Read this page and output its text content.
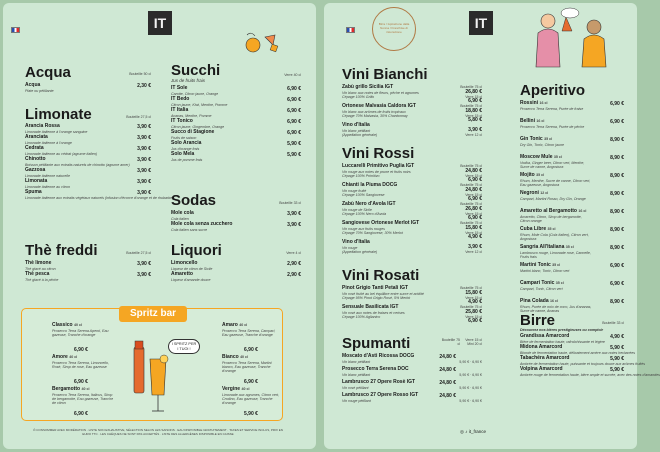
IT
Acqua	Bouteille 50 cl
Acqua
Plate ou pétillante
2,30 €
Limonate	Bouteille 27,5 cl
Arancia Rossa
Limonade italienne à l'orange sanguine
3,90 €
Aranciata
Limonade italienne à l'orange
3,90 €
Cedrata
Limonade italienne au cédrat (agrume italien)
3,90 €
Chinotto
Boisson pétillante aux extraits naturels de chinotto (agrume amer)
3,90 €
Gazzosa
Limonade italienne naturelle
3,90 €
Limonata
Limonade italienne au citron
3,90 €
Spuma
Limonade italienne aux extraits végétaux naturels (infusion d'écorce d'orange et de rhubarbe)
3,90 €
Thè freddi	Bouteille 27,5 cl
Thè limone
Thé glacé au citron
3,90 €
Thè pesca
Thé glacé à la pêche
3,90 €
Succhi	Verre 40 cl
Jus de fruits frais
IT Sole
Carotte, Citron jaune, Orange
6,90 €
IT Bedo
Citron jaune, Kiwi, Menthe, Pomme
6,90 €
IT Italia
Ananas, Menthe, Pomme
6,90 €
IT Tonico
Citron jaune, Gingembre, Orange
6,90 €
Succo di Stagione
Fruits de saison
6,90 €
Solo Arancia
Jus d'orange frais
5,90 €
Solo Mela
Jus de pomme frais
5,90 €
Sodas	Bouteille 33 cl
Mole cola
Cola italien
3,90 €
Mole cola senza zucchero
Cola italien sans sucre
3,90 €
Liquori	Verre 4 cl
Limoncello
Liqueur de citron de Sicile
2,90 €
Amaretto
Liqueur d'amande douce
2,90 €
Classico 40 cl
Prosecco Terra Serena Aperol, Eau gazeuse, Tranche d'orange
6,90 €
Amore 40 cl
Prosecco Terra Serena, Limoncello, Rosé, Sirop de rose, Eau gazeuse
6,90 €
Bergamotto 40 cl
Prosecco Terra Serena, Italicus, Sirop de bergamotte, Eau gazeuse, Tranche de citron
6,90 €
Amaro 40 cl
Prosecco Terra Serena, Campari, Eau gazeuse, Tranche d'orange
6,90 €
Bianco 40 cl
Prosecco Terra Serena, Martini bianco, Eau gazeuse, Tranche d'orange
6,90 €
Vergine 40 cl
Limonade aux agrumes, Citron vert, Crodino, Eau gazeuse, Tranche d'orange
5,90 €
I SPRITZ PER I TUOI !
Spritz bar
Ô CONSOMMER AVEC MODÉRATION · LISTE NON EXHAUSTIVE, SÉLECTION SELON LES SAISONS · EAU DISPONIBLE GRATUITEMENT · TAXES ET SERVICE INCLUS, PRIX EN EURO TTC · LES CHÈQUES NE SONT PAS ACCEPTÉS · LISTE DES ALLERGÈNES DISPONIBLE EN CAISSE
Birra / Ispirazione dalla Nonna / Franchise di ristorazione
IT
Vini Bianchi
Zabù grillo Sicilia IGT
Vin blanc aux notes de fleurs, pêche et agrumes
Cépage 100% Grillo
Bouteille 75 cl
26,80 €
Verre 15 cl
6,90 €
Ortonese Malvasia Caldora IGT
Vin blanc aux arômes de fruits tropicaux
Cépage 70% Malvasia, 30% Chardonnay
Bouteille 75 cl
18,80 €
Verre 15 cl
5,80 €
Vino d'Italia
Vin blanc pétillant
(Appellation générale)
3,90 €
Verre 12 cl
Vini Rossi
Luccarelli Primitivo Puglia IGT
Vin rouge aux notes de prune et fruits noirs
Cépage 100% Primitivo
Bouteille 75 cl
24,80 €
Verre 15 cl
6,90 €
Chianti la Piuma DOCG
Vin rouge fruité
Cépage 100% Sangiovese
Bouteille 75 cl
24,80 €
Verre 15 cl
6,90 €
Zabù Nero d'Avola IGT
Vin rouge de Sicile
Cépage 100% Nero d'Avola
Bouteille 75 cl
26,80 €
Verre 15 cl
6,90 €
Sangiovese Ortonese Merlot IGT
Vin rouge aux fruits rouges
Cépage 70% Sangiovese, 30% Merlot
Bouteille 75 cl
15,80 €
Verre 15 cl
4,90 €
Vino d'Italia
Vin rouge
(Appellation générale)
3,90 €
Verre 12 cl
Vini Rosati
Pinot Grigio Tanti Petali IGT
Vin rosé fruité au bel équilibre entre sucre et acidité
Cépage 95% Pinot Grigio Rosé, 5% Merlot
Bouteille 75 cl
15,80 €
Verre 15 cl
4,90 €
Sensuale Basilicata IGT
Vin rosé aux notes de fraises et cerises
Cépage 100% Aglianico
Bouteille 75 cl
25,80 €
Verre 15 cl
6,90 €
Spumanti	Bouteille 75 cl
Verre 15 cl Mini 20 cl
Moscato d'Asti Ricossa DOCG
Vin blanc pétillant
24,80 €
5,90 € · 6,90 €
Prosecco Terra Serena DOC
Vin blanc pétillant
24,80 €
5,90 € · 6,90 €
Lambrusco 27 Opere Rosè IGT
Vin rosé pétillant
24,80 €
5,90 € · 6,90 €
Lambrusco 27 Opere Rosso IGT
Vin rouge pétillant
24,80 €
5,90 € · 6,90 €
Aperitivo
Rossini 16 cl
Prosecco Terra Serena, Purée de fraise
6,90 €
Bellini 16 cl
Prosecco Terra Serena, Purée de pêche
6,90 €
Gin Tonic 35 cl
Dry Gin, Tonic, Citron jaune
8,90 €
Moscow Mule 35 cl
Vodka, Ginger beer, Citron vert, Menthe, Sucre de canne, Angostura
8,90 €
Mojito 35 cl
Rhum, Menthe, Sucre de canne, Citron vert, Eau gazeuse, Angostura
8,90 €
Negroni 12 cl
Campari, Martini Rosso, Dry Gin, Orange
8,90 €
Amaretto al Bergamotto 16 cl
Amaretto, Citron, Sirop de bergamotte, Citron orange
8,90 €
Cuba Libre 35 cl
Rhum, Mole Cola (Cola Italien), Citron vert, Angostura
8,90 €
Sangria All'Italiana 35 cl
Lambrusco rouge, Limonade rose, Cannelle, Fruits frais
8,90 €
Martini Tonic 35 cl
Martini blanc, Tonic, Citron vert
6,90 €
Campari Tonic 35 cl
Campari, Tonic, Citron vert
6,90 €
Pina Colada 16 cl
Rhum, Purée de noix de coco, Jus d'ananas, Sucre de canne, Ananas
8,90 €
Birre	Bouteille 33 cl
Découvrez nos bières prestigieuses ou comptoir
Grandissa Amarcord
Bière de fermentation haute, rafraîchissante et légère
4,90 €
Midona Amarcord
Blonde de fermentation haute, délicatement amère aux notes herbacées
5,90 €
Tabachéra Amarcord
Ambrée de fermentation haute, puissante et toujours douce aux arômes fruités
5,90 €
Volpina Amarcord
Ambrée rouge de fermentation haute, bière ample et sucrée, avec des notes d'amandes
5,90 €
◎ ♪ it_france
